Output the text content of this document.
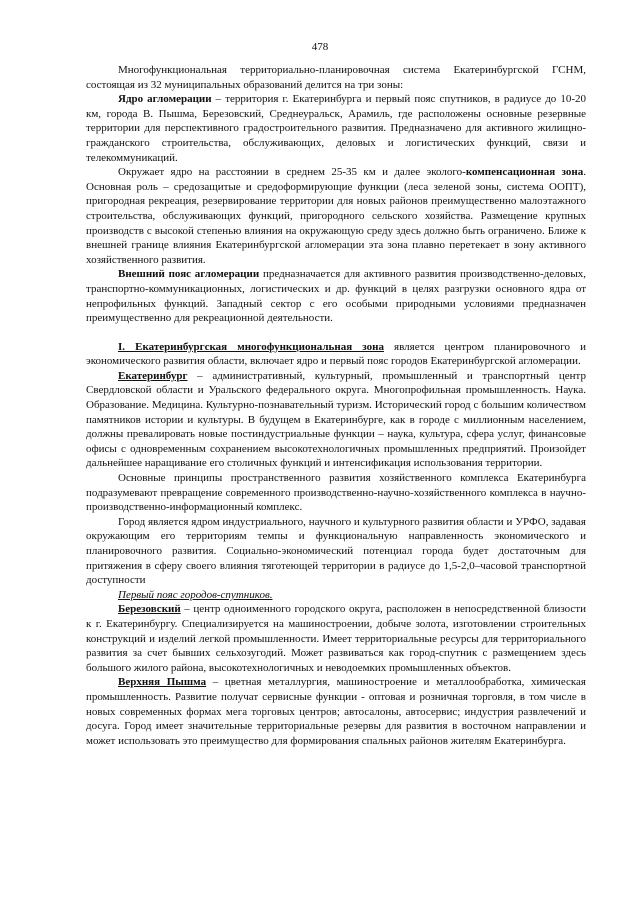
478

Многофункциональная территориально-планировочная система Екатеринбургской ГСНМ, состоящая из 32 муниципальных образований делится на три зоны:

Ядро агломерации – территория г. Екатеринбурга и первый пояс спутников, в радиусе до 10-20 км, города В. Пышма, Березовский, Среднеуральск, Арамиль, где расположены основные резервные территории для перспективного градостроительного развития. Предназначено для активного жилищно-гражданского строительства, обслуживающих, деловых и логистических функций, связи и телекоммуникаций.

Окружает ядро на расстоянии в среднем 25-35 км и далее эколого-компенсационная зона. Основная роль – средозащитые и средоформирующие функции (леса зеленой зоны, система ООПТ), пригородная рекреация, резервирование территории для новых районов преимущественно малоэтажного строительства, обслуживающих функций, пригородного сельского хозяйства. Размещение крупных производств с высокой степенью влияния на окружающую среду здесь должно быть ограничено. Ближе к внешней границе влияния Екатеринбургской агломерации эта зона плавно перетекает в зону активного хозяйственного развития.

Внешний пояс агломерации предназначается для активного развития производственно-деловых, транспортно-коммуникационных, логистических и др. функций в целях разгрузки основного ядра от непрофильных функций. Западный сектор с его особыми природными условиями предназначен преимущественно для рекреационной деятельности.

I. Екатеринбургская многофункциональная зона является центром планировочного и экономического развития области, включает ядро и первый пояс городов Екатеринбургской агломерации.

Екатеринбург – административный, культурный, промышленный и транспортный центр Свердловской области и Уральского федерального округа. Многопрофильная промышленность. Наука. Образование. Медицина. Культурно-познавательный туризм. Исторический город с большим количеством памятников истории и культуры. В будущем в Екатеринбурге, как в городе с миллионным населением, должны превалировать новые постиндустриальные функции – наука, культура, сфера услуг, финансовые офисы с одновременным сохранением высокотехнологичных промышленных предприятий. Произойдет дальнейшее наращивание его столичных функций и интенсификация использования территории.

Основные принципы пространственного развития хозяйственного комплекса Екатеринбурга подразумевают превращение современного производственно-научно-хозяйственного комплекса в научно-производственно-информационный комплекс.

Город является ядром индустриального, научного и культурного развития области и УРФО, задавая окружающим его территориям темпы и функциональную направленность экономического и планировочного развития. Социально-экономический потенциал города будет достаточным для притяжения в сферу своего влияния тяготеющей территории в радиусе до 1,5-2,0–часовой транспортной доступности

Первый пояс городов-спутников.

Березовский – центр одноименного городского округа, расположен в непосредственной близости к г. Екатеринбургу. Специализируется на машиностроении, добыче золота, изготовлении строительных конструкций и изделий легкой промышленности. Имеет территориальные ресурсы для территориального развития за счет бывших сельхозугодий. Может развиваться как город-спутник с размещением здесь большого жилого района, высокотехнологичных и неводоемких промышленных объектов.

Верхняя Пышма – цветная металлургия, машиностроение и металлообработка, химическая промышленность. Развитие получат сервисные функции - оптовая и розничная торговля, в том числе в новых современных формах мега торговых центров; автосалоны, автосервис; индустрия развлечений и досуга. Город имеет значительные территориальные резервы для развития в восточном направлении и может использовать это преимущество для формирования спальных районов жителям Екатеринбурга.
